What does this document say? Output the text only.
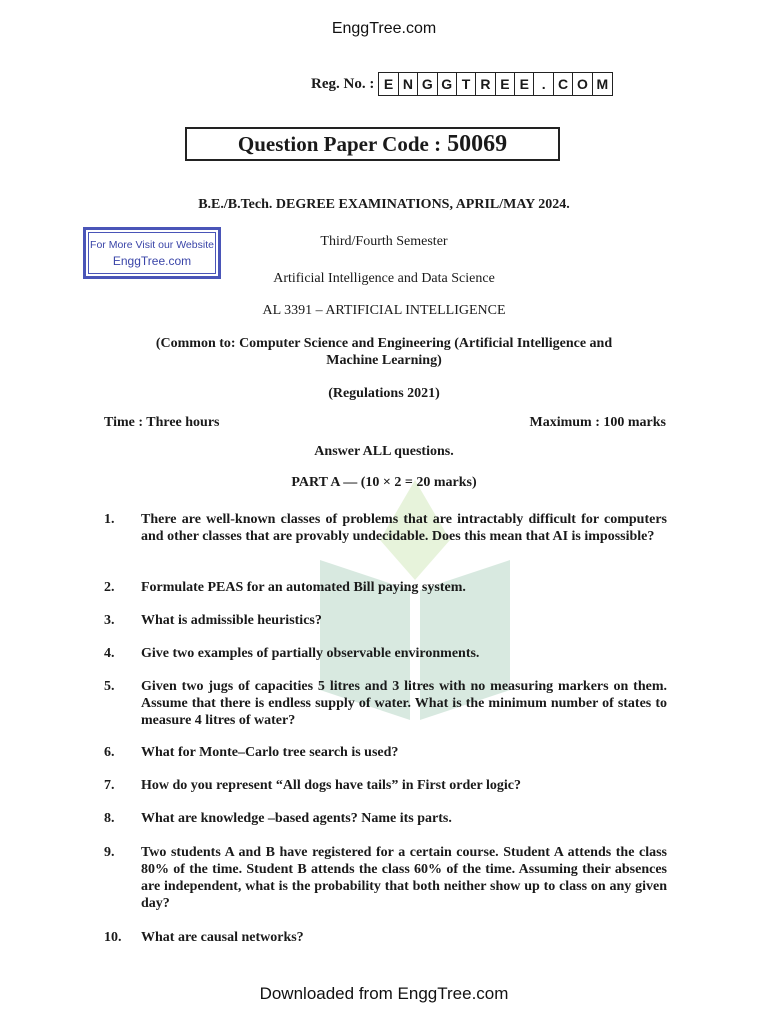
EnggTree.com
Reg. No. : E N G G T R E E . C O M
Question Paper Code : 50069
B.E./B.Tech. DEGREE EXAMINATIONS, APRIL/MAY 2024.
For More Visit our Website
EnggTree.com
Third/Fourth Semester
Artificial Intelligence and Data Science
AL 3391 – ARTIFICIAL INTELLIGENCE
(Common to: Computer Science and Engineering (Artificial Intelligence and
Machine Learning)
(Regulations 2021)
Time : Three hours	Maximum : 100 marks
Answer ALL questions.
PART A — (10 × 2 = 20 marks)
1.	There are well-known classes of problems that are intractably difficult for computers and other classes that are provably undecidable. Does this mean that AI is impossible?
2.	Formulate PEAS for an automated Bill paying system.
3.	What is admissible heuristics?
4.	Give two examples of partially observable environments.
5.	Given two jugs of capacities 5 litres and 3 litres with no measuring markers on them. Assume that there is endless supply of water. What is the minimum number of states to measure 4 litres of water?
6.	What for Monte–Carlo tree search is used?
7.	How do you represent “All dogs have tails” in First order logic?
8.	What are knowledge –based agents? Name its parts.
9.	Two students A and B have registered for a certain course. Student A attends the class 80% of the time. Student B attends the class 60% of the time. Assuming their absences are independent, what is the probability that both neither show up to class on any given day?
10.	What are causal networks?
Downloaded from EnggTree.com
